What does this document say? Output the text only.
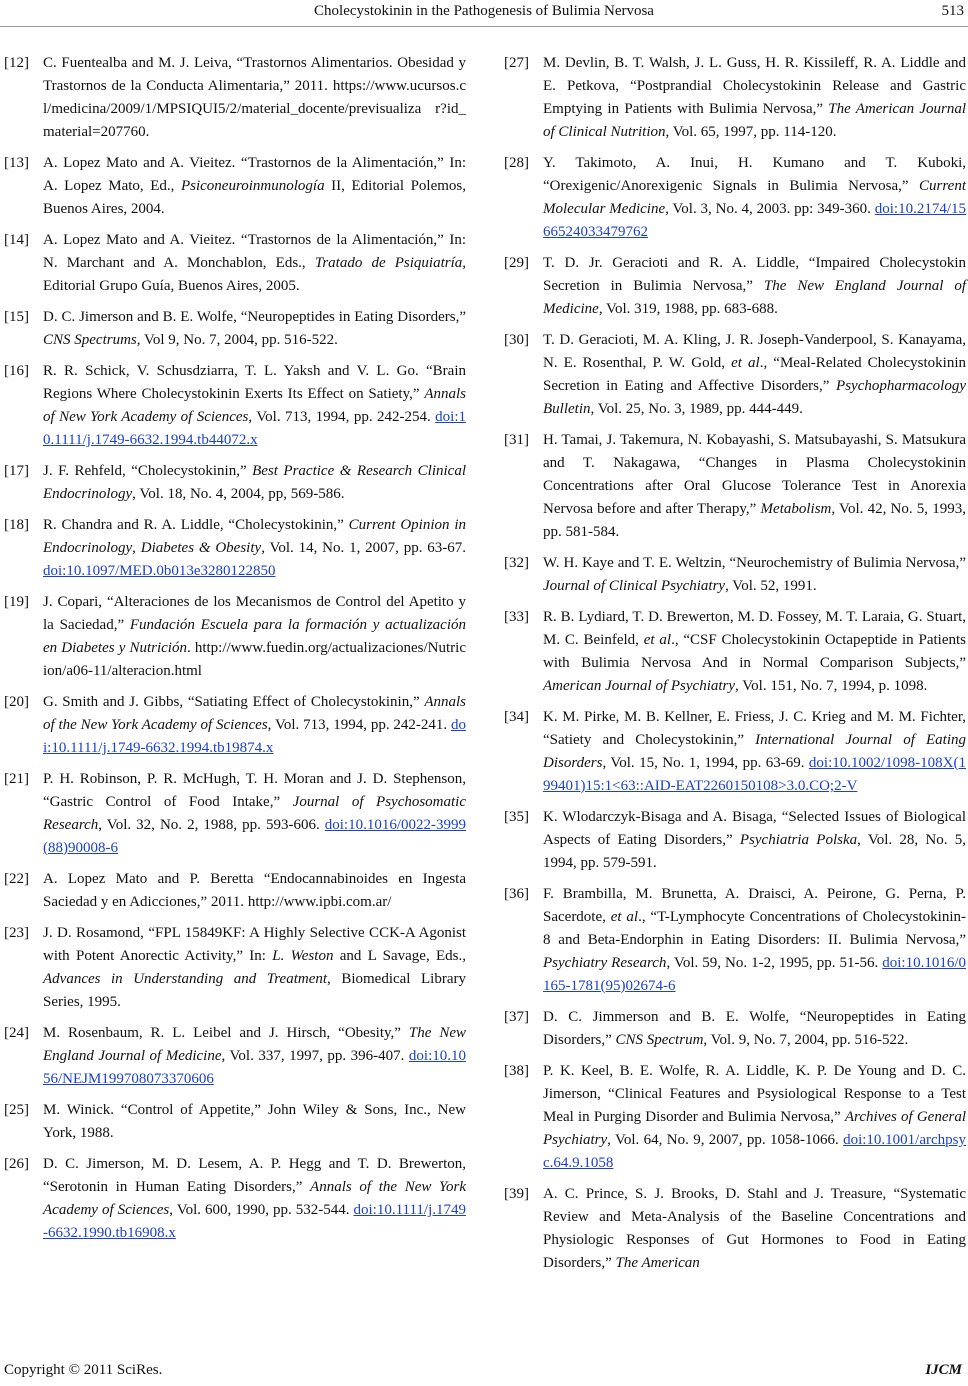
Cholecystokinin in the Pathogenesis of Bulimia Nervosa	513
[12] C. Fuentealba and M. J. Leiva, “Trastornos Alimentarios. Obesidad y Trastornos de la Conducta Alimentaria,” 2011. https://www.ucursos.cl/medicina/2009/1/MPSIQUI5/2/material_docente/previsualiza r?id_material=207760.
[13] A. Lopez Mato and A. Vieitez. “Trastornos de la Alimentación,” In: A. Lopez Mato, Ed., Psiconeuroinmunología II, Editorial Polemos, Buenos Aires, 2004.
[14] A. Lopez Mato and A. Vieitez. “Trastornos de la Alimentación,” In: N. Marchant and A. Monchablon, Eds., Tratado de Psiquiatría, Editorial Grupo Guía, Buenos Aires, 2005.
[15] D. C. Jimerson and B. E. Wolfe, “Neuropeptides in Eating Disorders,” CNS Spectrums, Vol 9, No. 7, 2004, pp. 516-522.
[16] R. R. Schick, V. Schusdziarra, T. L. Yaksh and V. L. Go. “Brain Regions Where Cholecystokinin Exerts Its Effect on Satiety,” Annals of New York Academy of Sciences, Vol. 713, 1994, pp. 242-254. doi:10.1111/j.1749-6632.1994.tb44072.x
[17] J. F. Rehfeld, “Cholecystokinin,” Best Practice & Research Clinical Endocrinology, Vol. 18, No. 4, 2004, pp, 569-586.
[18] R. Chandra and R. A. Liddle, “Cholecystokinin,” Current Opinion in Endocrinology, Diabetes & Obesity, Vol. 14, No. 1, 2007, pp. 63-67. doi:10.1097/MED.0b013e3280122850
[19] J. Copari, “Alteraciones de los Mecanismos de Control del Apetito y la Saciedad,” Fundación Escuela para la formación y actualización en Diabetes y Nutrición. http://www.fuedin.org/actualizaciones/Nutricion/a06-11/alteracion.html
[20] G. Smith and J. Gibbs, “Satiating Effect of Cholecystokinin,” Annals of the New York Academy of Sciences, Vol. 713, 1994, pp. 242-241. doi:10.1111/j.1749-6632.1994.tb19874.x
[21] P. H. Robinson, P. R. McHugh, T. H. Moran and J. D. Stephenson, “Gastric Control of Food Intake,” Journal of Psychosomatic Research, Vol. 32, No. 2, 1988, pp. 593-606. doi:10.1016/0022-3999(88)90008-6
[22] A. Lopez Mato and P. Beretta “Endocannabinoides en Ingesta Saciedad y en Adicciones,” 2011. http://www.ipbi.com.ar/
[23] J. D. Rosamond, “FPL 15849KF: A Highly Selective CCK-A Agonist with Potent Anorectic Activity,” In: L. Weston and L Savage, Eds., Advances in Understanding and Treatment, Biomedical Library Series, 1995.
[24] M. Rosenbaum, R. L. Leibel and J. Hirsch, “Obesity,” The New England Journal of Medicine, Vol. 337, 1997, pp. 396-407. doi:10.1056/NEJM199708073370606
[25] M. Winick. “Control of Appetite,” John Wiley & Sons, Inc., New York, 1988.
[26] D. C. Jimerson, M. D. Lesem, A. P. Hegg and T. D. Brewerton, “Serotonin in Human Eating Disorders,” Annals of the New York Academy of Sciences, Vol. 600, 1990, pp. 532-544. doi:10.1111/j.1749-6632.1990.tb16908.x
[27] M. Devlin, B. T. Walsh, J. L. Guss, H. R. Kissileff, R. A. Liddle and E. Petkova, “Postprandial Cholecystokinin Release and Gastric Emptying in Patients with Bulimia Nervosa,” The American Journal of Clinical Nutrition, Vol. 65, 1997, pp. 114-120.
[28] Y. Takimoto, A. Inui, H. Kumano and T. Kuboki, “Orexigenic/Anorexigenic Signals in Bulimia Nervosa,” Current Molecular Medicine, Vol. 3, No. 4, 2003. pp: 349-360. doi:10.2174/1566524033479762
[29] T. D. Jr. Geracioti and R. A. Liddle, “Impaired Cholecystokin Secretion in Bulimia Nervosa,” The New England Journal of Medicine, Vol. 319, 1988, pp. 683-688.
[30] T. D. Geracioti, M. A. Kling, J. R. Joseph-Vanderpool, S. Kanayama, N. E. Rosenthal, P. W. Gold, et al., “Meal-Related Cholecystokinin Secretion in Eating and Affective Disorders,” Psychopharmacology Bulletin, Vol. 25, No. 3, 1989, pp. 444-449.
[31] H. Tamai, J. Takemura, N. Kobayashi, S. Matsubayashi, S. Matsukura and T. Nakagawa, “Changes in Plasma Cholecystokinin Concentrations after Oral Glucose Tolerance Test in Anorexia Nervosa before and after Therapy,” Metabolism, Vol. 42, No. 5, 1993, pp. 581-584.
[32] W. H. Kaye and T. E. Weltzin, “Neurochemistry of Bulimia Nervosa,” Journal of Clinical Psychiatry, Vol. 52, 1991.
[33] R. B. Lydiard, T. D. Brewerton, M. D. Fossey, M. T. Laraia, G. Stuart, M. C. Beinfeld, et al., “CSF Cholecystokinin Octapeptide in Patients with Bulimia Nervosa And in Normal Comparison Subjects,” American Journal of Psychiatry, Vol. 151, No. 7, 1994, p. 1098.
[34] K. M. Pirke, M. B. Kellner, E. Friess, J. C. Krieg and M. M. Fichter, “Satiety and Cholecystokinin,” International Journal of Eating Disorders, Vol. 15, No. 1, 1994, pp. 63-69. doi:10.1002/1098-108X(199401)15:1<63::AID-EAT2260150108>3.0.CO;2-V
[35] K. Wlodarczyk-Bisaga and A. Bisaga, “Selected Issues of Biological Aspects of Eating Disorders,” Psychiatria Polska, Vol. 28, No. 5, 1994, pp. 579-591.
[36] F. Brambilla, M. Brunetta, A. Draisci, A. Peirone, G. Perna, P. Sacerdote, et al., “T-Lymphocyte Concentrations of Cholecystokinin-8 and Beta-Endorphin in Eating Disorders: II. Bulimia Nervosa,” Psychiatry Research, Vol. 59, No. 1-2, 1995, pp. 51-56. doi:10.1016/0165-1781(95)02674-6
[37] D. C. Jimmerson and B. E. Wolfe, “Neuropeptides in Eating Disorders,” CNS Spectrum, Vol. 9, No. 7, 2004, pp. 516-522.
[38] P. K. Keel, B. E. Wolfe, R. A. Liddle, K. P. De Young and D. C. Jimerson, “Clinical Features and Psysiological Response to a Test Meal in Purging Disorder and Bulimia Nervosa,” Archives of General Psychiatry, Vol. 64, No. 9, 2007, pp. 1058-1066. doi:10.1001/archpsyc.64.9.1058
[39] A. C. Prince, S. J. Brooks, D. Stahl and J. Treasure, “Systematic Review and Meta-Analysis of the Baseline Concentrations and Physiologic Responses of Gut Hormones to Food in Eating Disorders,” The American
Copyright © 2011 SciRes.	IJCM
